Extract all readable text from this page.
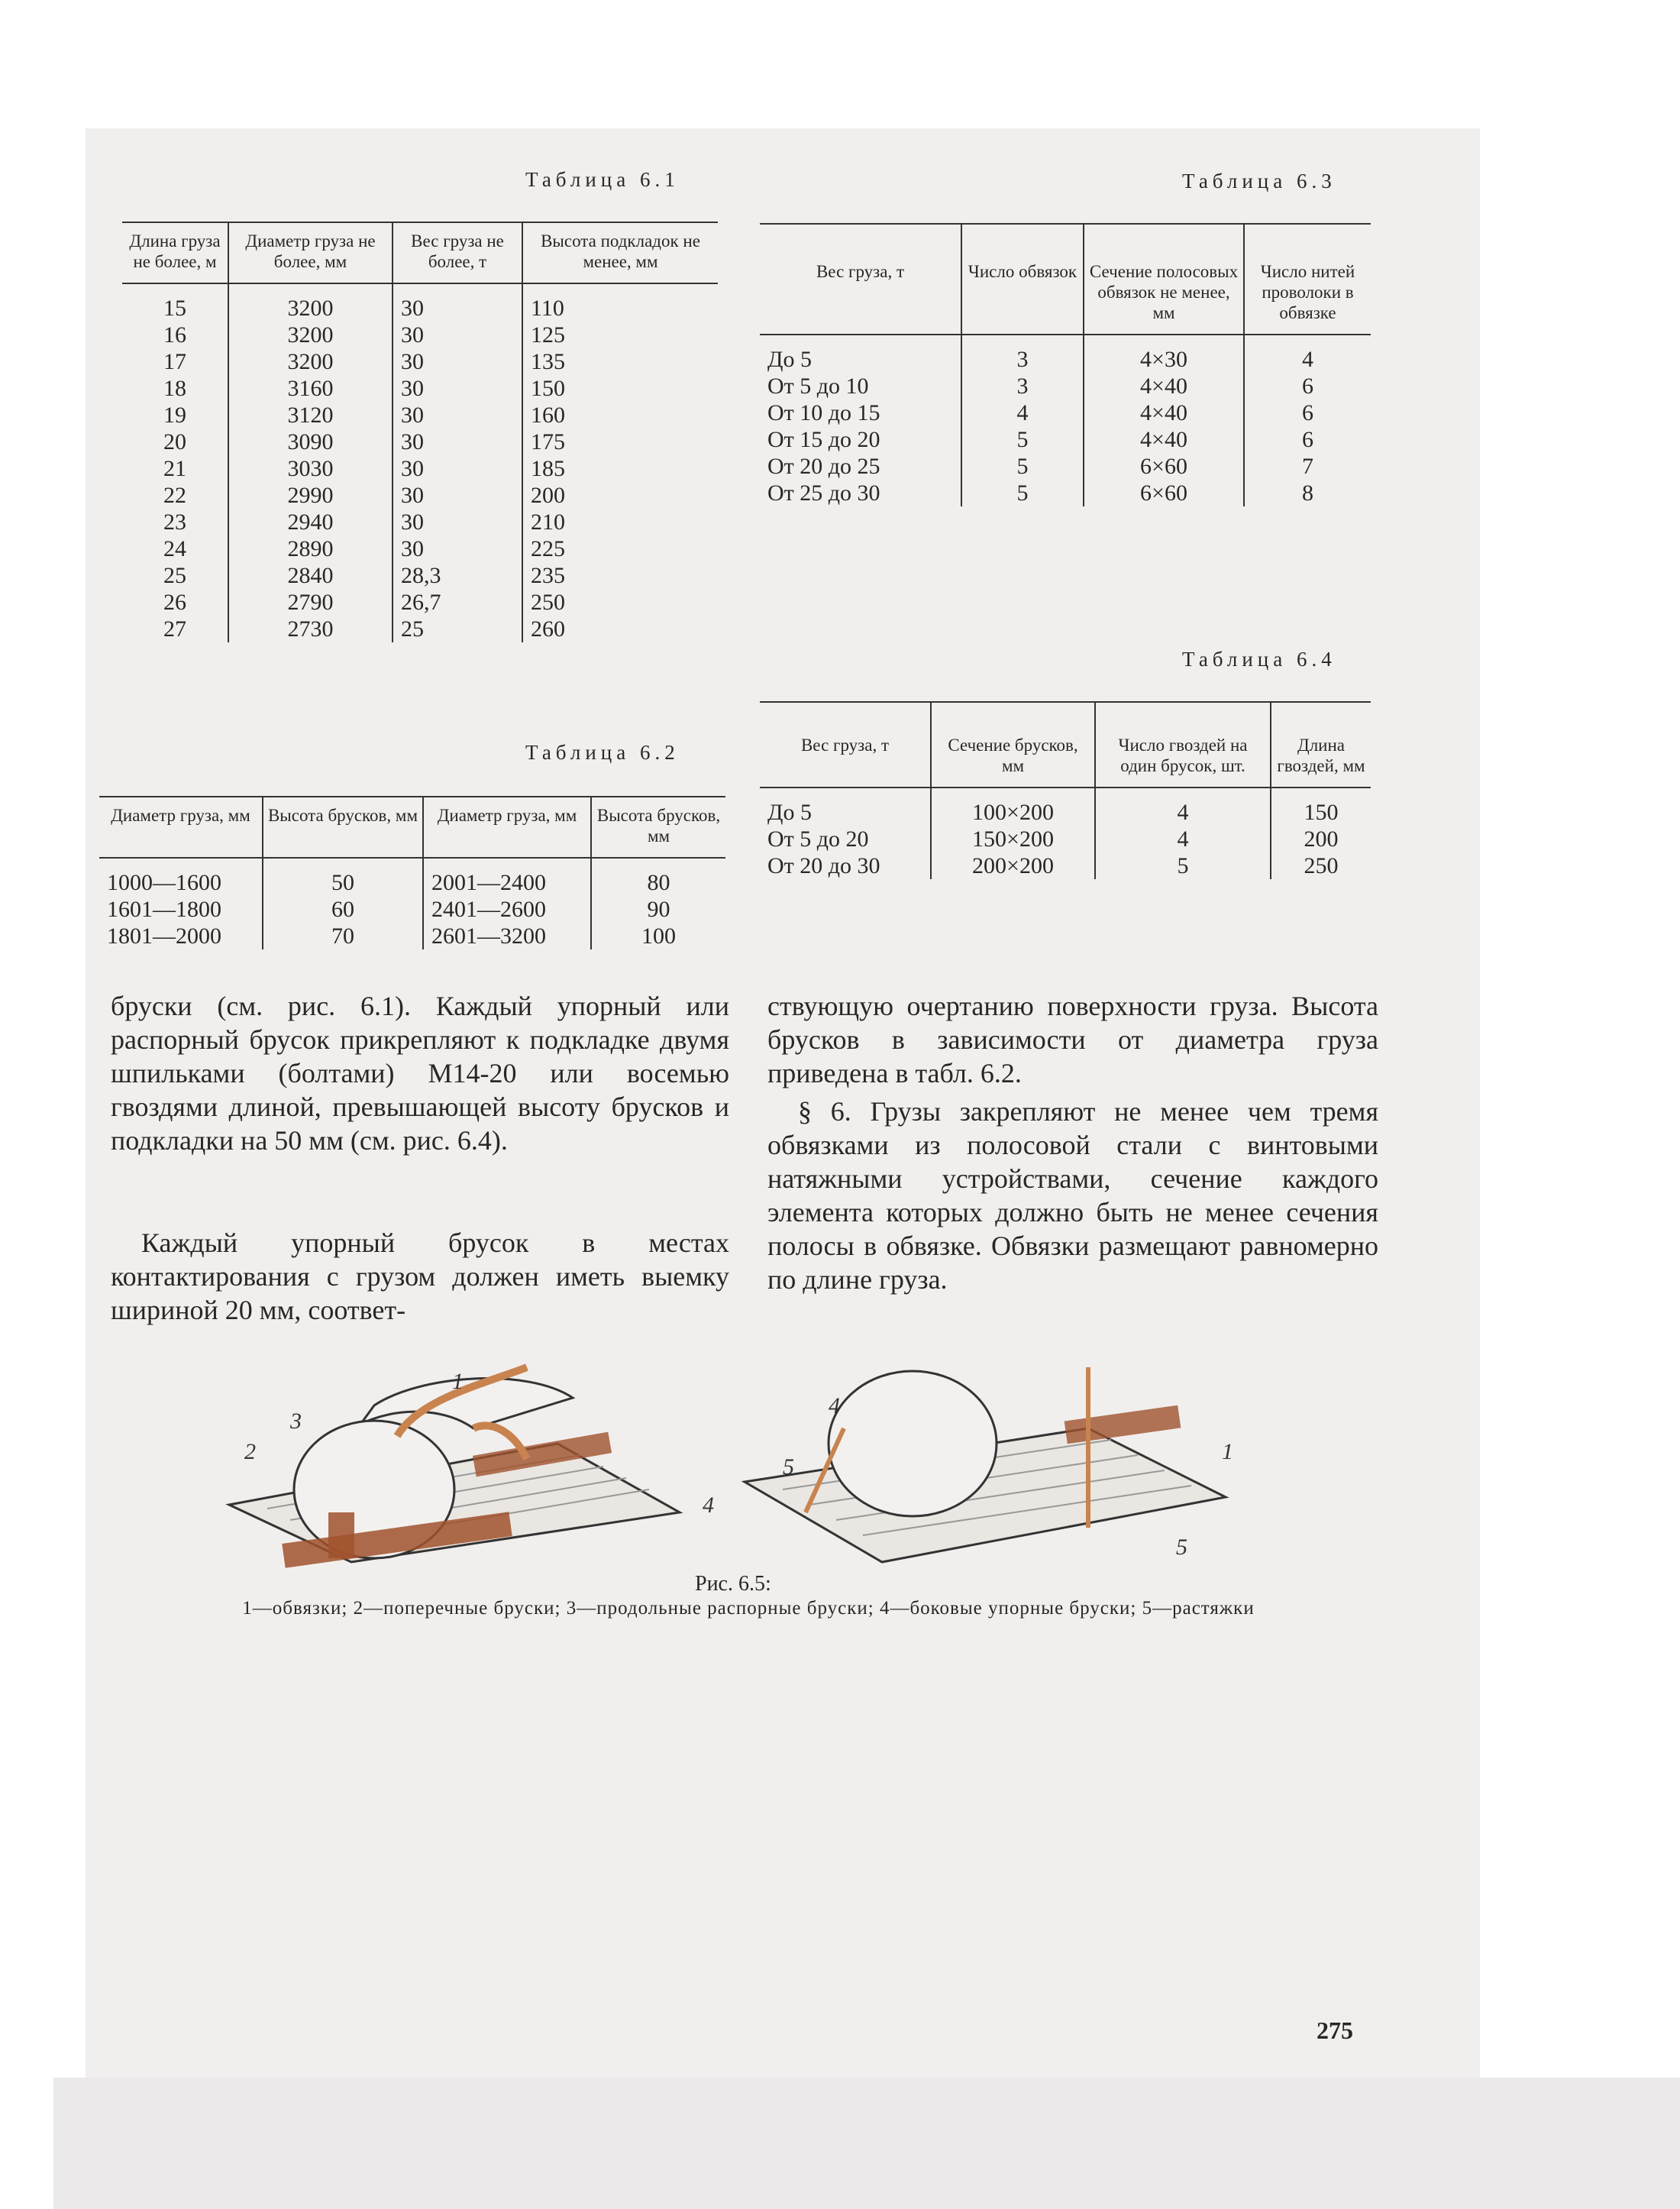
Таблица 6.1
Длина груза не более, м	Диаметр груза не более, мм	Вес груза не более, т	Высота подкладок не менее, мм
15	3200	30	110
16	3200	30	125
17	3200	30	135
18	3160	30	150
19	3120	30	160
20	3090	30	175
21	3030	30	185
22	2990	30	200
23	2940	30	210
24	2890	30	225
25	2840	28,3	235
26	2790	26,7	250
27	2730	25	260
Таблица 6.2
Диаметр груза, мм	Высота брусков, мм	Диаметр груза, мм	Высота брусков, мм
1000—1600	50	2001—2400	80
1601—1800	60	2401—2600	90
1801—2000	70	2601—3200	100
Таблица 6.3
Вес груза, т	Число обвязок	Сечение полосовых обвязок не менее, мм	Число нитей проволоки в обвязке
До 5	3	4×30	4
От 5 до 10	3	4×40	6
От 10 до 15	4	4×40	6
От 15 до 20	5	4×40	6
От 20 до 25	5	6×60	7
От 25 до 30	5	6×60	8
Таблица 6.4
Вес груза, т	Сечение брусков, мм	Число гвоздей на один брусок, шт.	Длина гвоздей, мм
До 5	100×200	4	150
От 5 до 20	150×200	4	200
От 20 до 30	200×200	5	250

бруски (см. рис. 6.1). Каждый упорный или распорный брусок прикрепляют к подкладке двумя шпильками (болтами) М14-20 или восемью гвоздями длиной, превышающей высоту брусков и подкладки на 50 мм (см. рис. 6.4).

Каждый упорный брусок в местах контактирования с грузом должен иметь выемку шириной 20 мм, соответ-

ствующую очертанию поверхности груза. Высота брусков в зависимости от диаметра груза приведена в табл. 6.2.

§ 6. Грузы закрепляют не менее чем тремя обвязками из полосовой стали с винтовыми натяжными устройствами, сечение каждого элемента которых должно быть не менее сечения полосы в обвязке. Обвязки размещают равномерно по длине груза.

1
2
3
4
4
1
5
5
Рис. 6.5:
1—обвязки; 2—поперечные бруски; 3—продольные распорные бруски; 4—боковые упорные бруски; 5—растяжки
275
